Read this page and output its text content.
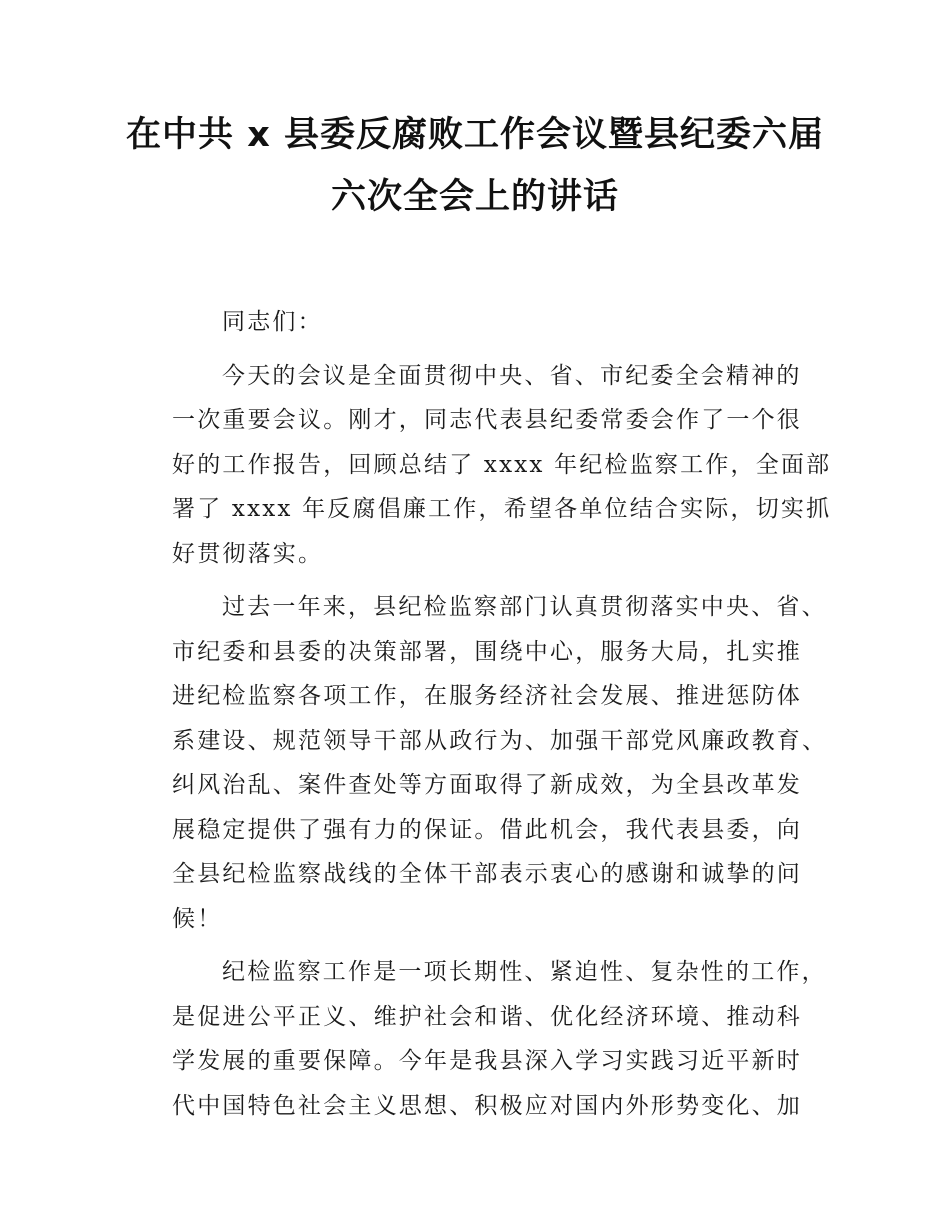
在中共 x 县委反腐败工作会议暨县纪委六届
六次全会上的讲话

同志们：

今天的会议是全面贯彻中央、省、市纪委全会精神的
一次重要会议。刚才，同志代表县纪委常委会作了一个很
好的工作报告，回顾总结了 xxxx 年纪检监察工作，全面部
署了 xxxx 年反腐倡廉工作，希望各单位结合实际，切实抓
好贯彻落实。

过去一年来，县纪检监察部门认真贯彻落实中央、省、
市纪委和县委的决策部署，围绕中心，服务大局，扎实推
进纪检监察各项工作，在服务经济社会发展、推进惩防体
系建设、规范领导干部从政行为、加强干部党风廉政教育、
纠风治乱、案件查处等方面取得了新成效，为全县改革发
展稳定提供了强有力的保证。借此机会，我代表县委，向
全县纪检监察战线的全体干部表示衷心的感谢和诚挚的问
候！

纪检监察工作是一项长期性、紧迫性、复杂性的工作，
是促进公平正义、维护社会和谐、优化经济环境、推动科
学发展的重要保障。今年是我县深入学习实践习近平新时
代中国特色社会主义思想、积极应对国内外形势变化、加
